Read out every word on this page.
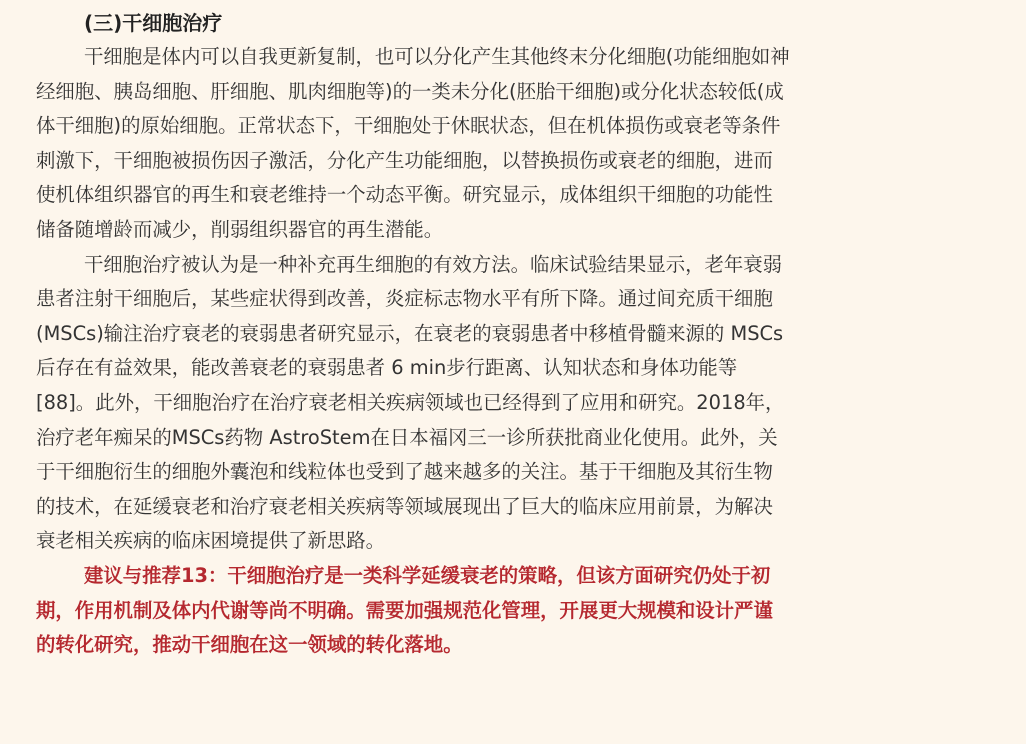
(三)干细胞治疗

干细胞是体内可以自我更新复制，也可以分化产生其他终末分化细胞(功能细胞如神
经细胞、胰岛细胞、肝细胞、肌肉细胞等)的一类未分化(胚胎干细胞)或分化状态较低(成
体干细胞)的原始细胞。正常状态下，干细胞处于休眠状态，但在机体损伤或衰老等条件
刺激下，干细胞被损伤因子激活，分化产生功能细胞，以替换损伤或衰老的细胞，进而
使机体组织器官的再生和衰老维持一个动态平衡。研究显示，成体组织干细胞的功能性
储备随增龄而减少，削弱组织器官的再生潜能。

干细胞治疗被认为是一种补充再生细胞的有效方法。临床试验结果显示，老年衰弱
患者注射干细胞后，某些症状得到改善，炎症标志物水平有所下降。通过间充质干细胞
(MSCs)输注治疗衰老的衰弱患者研究显示，在衰老的衰弱患者中移植骨髓来源的 MSCs
后存在有益效果，能改善衰老的衰弱患者 6 min步行距离、认知状态和身体功能等
[88]。此外，干细胞治疗在治疗衰老相关疾病领域也已经得到了应用和研究。2018年，
治疗老年痴呆的MSCs药物 AstroStem在日本福冈三一诊所获批商业化使用。此外，关
于干细胞衍生的细胞外囊泡和线粒体也受到了越来越多的关注。基于干细胞及其衍生物
的技术，在延缓衰老和治疗衰老相关疾病等领域展现出了巨大的临床应用前景，为解决
衰老相关疾病的临床困境提供了新思路。

建议与推荐13：干细胞治疗是一类科学延缓衰老的策略，但该方面研究仍处于初
期，作用机制及体内代谢等尚不明确。需要加强规范化管理，开展更大规模和设计严谨
的转化研究，推动干细胞在这一领域的转化落地。
